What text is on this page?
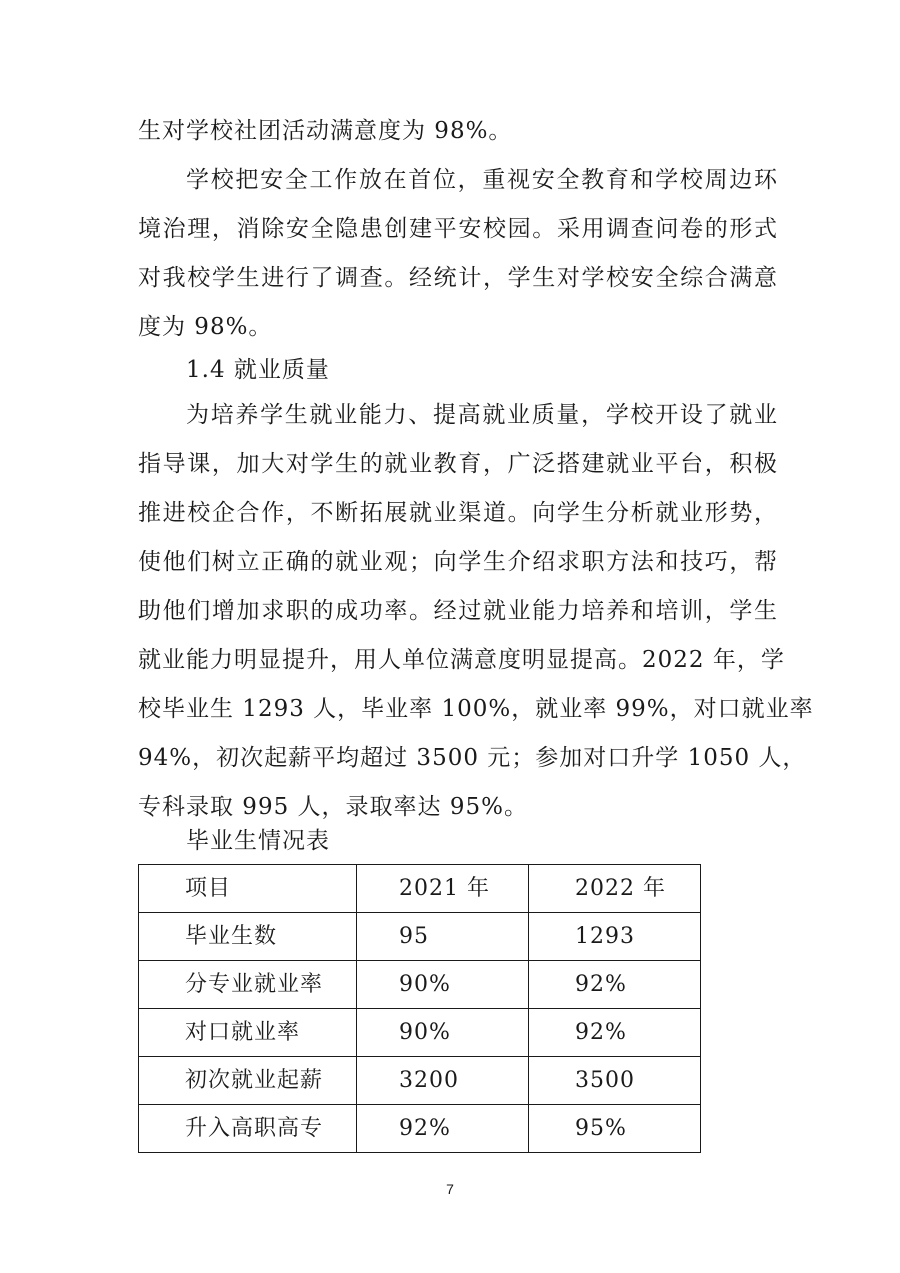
生对学校社团活动满意度为 98%。
学校把安全工作放在首位，重视安全教育和学校周边环
境治理，消除安全隐患创建平安校园。采用调查问卷的形式
对我校学生进行了调查。经统计，学生对学校安全综合满意
度为 98%。
1.4 就业质量
为培养学生就业能力、提高就业质量，学校开设了就业
指导课，加大对学生的就业教育，广泛搭建就业平台，积极
推进校企合作，不断拓展就业渠道。向学生分析就业形势，
使他们树立正确的就业观；向学生介绍求职方法和技巧，帮
助他们增加求职的成功率。经过就业能力培养和培训，学生
就业能力明显提升，用人单位满意度明显提高。2022 年，学
校毕业生 1293 人，毕业率 100%，就业率 99%，对口就业率
94%，初次起薪平均超过 3500 元；参加对口升学 1050 人，
专科录取 995 人，录取率达 95%。
毕业生情况表
项目	2021 年	2022 年
毕业生数	95	1293
分专业就业率	90%	92%
对口就业率	90%	92%
初次就业起薪	3200	3500
升入高职高专	92%	95%
7
